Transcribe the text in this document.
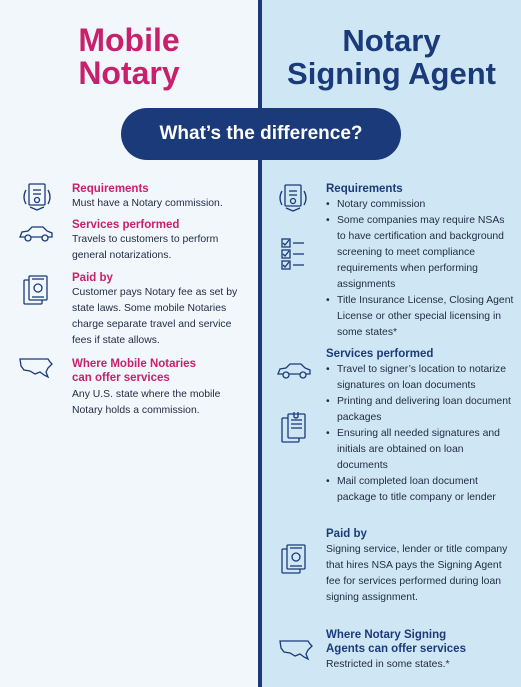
Mobile
Notary
Notary
Signing Agent
What’s the difference?
Requirements
Must have a Notary commission.
Services performed
Travels to customers to perform general notarizations.
Paid by
Customer pays Notary fee as set by state laws. Some mobile Notaries charge separate travel and service fees if state allows.
Where Mobile Notaries
can offer services
Any U.S. state where the mobile Notary holds a commission.
Requirements
• Notary commission
• Some companies may require NSAs to have certification and background screening to meet compliance requirements when performing assignments
• Title Insurance License, Closing Agent License or other special licensing in some states*
Services performed
• Travel to signer’s location to notarize signatures on loan documents
• Printing and delivering loan document packages
• Ensuring all needed signatures and initials are obtained on loan documents
• Mail completed loan document package to title company or lender
Paid by
Signing service, lender or title company that hires NSA pays the Signing Agent fee for services performed during loan signing assignment.
Where Notary Signing
Agents can offer services
Restricted in some states.*
